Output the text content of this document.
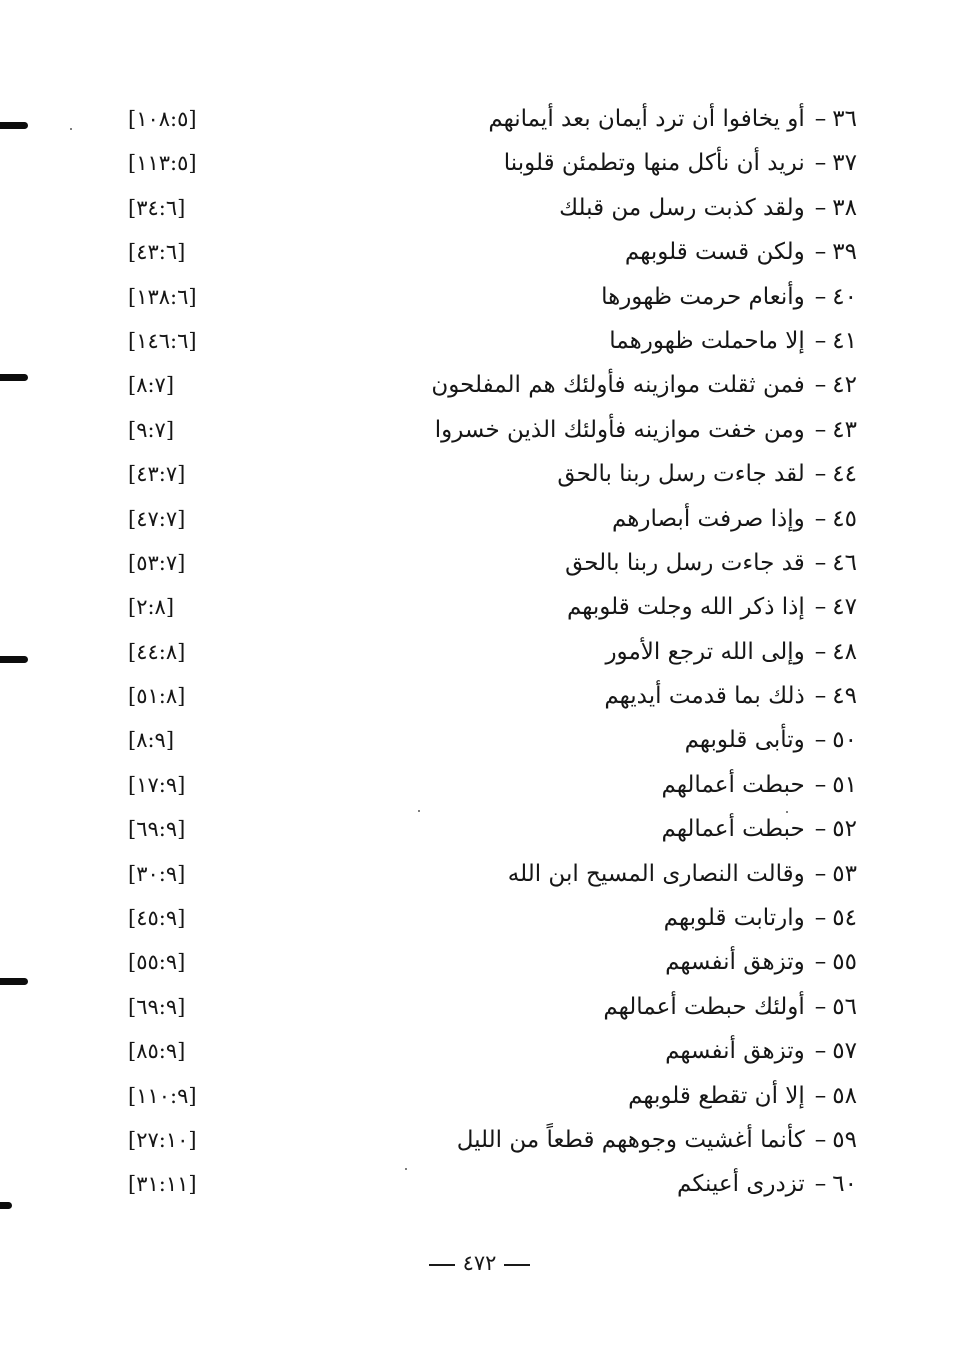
٣٦–أو يخافوا أن ترد أيمان بعد أيمانهم
[١٠٨:٥]
٣٧–نريد أن نأكل منها وتطمئن قلوبنا
[١١٣:٥]
٣٨–ولقد كذبت رسل من قبلك
[٣٤:٦]
٣٩–ولكن قست قلوبهم
[٤٣:٦]
٤٠–وأنعام حرمت ظهورها
[١٣٨:٦]
٤١–إلا ماحملت ظهورهما
[١٤٦:٦]
٤٢–فمن ثقلت موازينه فأولئك هم المفلحون
[٨:٧]
٤٣–ومن خفت موازينه فأولئك الذين خسروا
[٩:٧]
٤٤–لقد جاءت رسل ربنا بالحق
[٤٣:٧]
٤٥–وإذا صرفت أبصارهم
[٤٧:٧]
٤٦–قد جاءت رسل ربنا بالحق
[٥٣:٧]
٤٧–إذا ذكر الله وجلت قلوبهم
[٢:٨]
٤٨–وإلى الله ترجع الأمور
[٤٤:٨]
٤٩–ذلك بما قدمت أيديهم
[٥١:٨]
٥٠–وتأبى قلوبهم
[٨:٩]
٥١–حبطت أعمالهم
[١٧:٩]
٥٢–حبطت أعمالهم
[٦٩:٩]
٥٣–وقالت النصارى المسيح ابن الله
[٣٠:٩]
٥٤–وارتابت قلوبهم
[٤٥:٩]
٥٥–وتزهق أنفسهم
[٥٥:٩]
٥٦–أولئك حبطت أعمالهم
[٦٩:٩]
٥٧–وتزهق أنفسهم
[٨٥:٩]
٥٨–إلا أن تقطع قلوبهم
[١١٠:٩]
٥٩–كأنما أغشيت وجوههم قطعاً من الليل
[٢٧:١٠]
٦٠–تزدرى أعينكم
[٣١:١١]
٤٧٢
